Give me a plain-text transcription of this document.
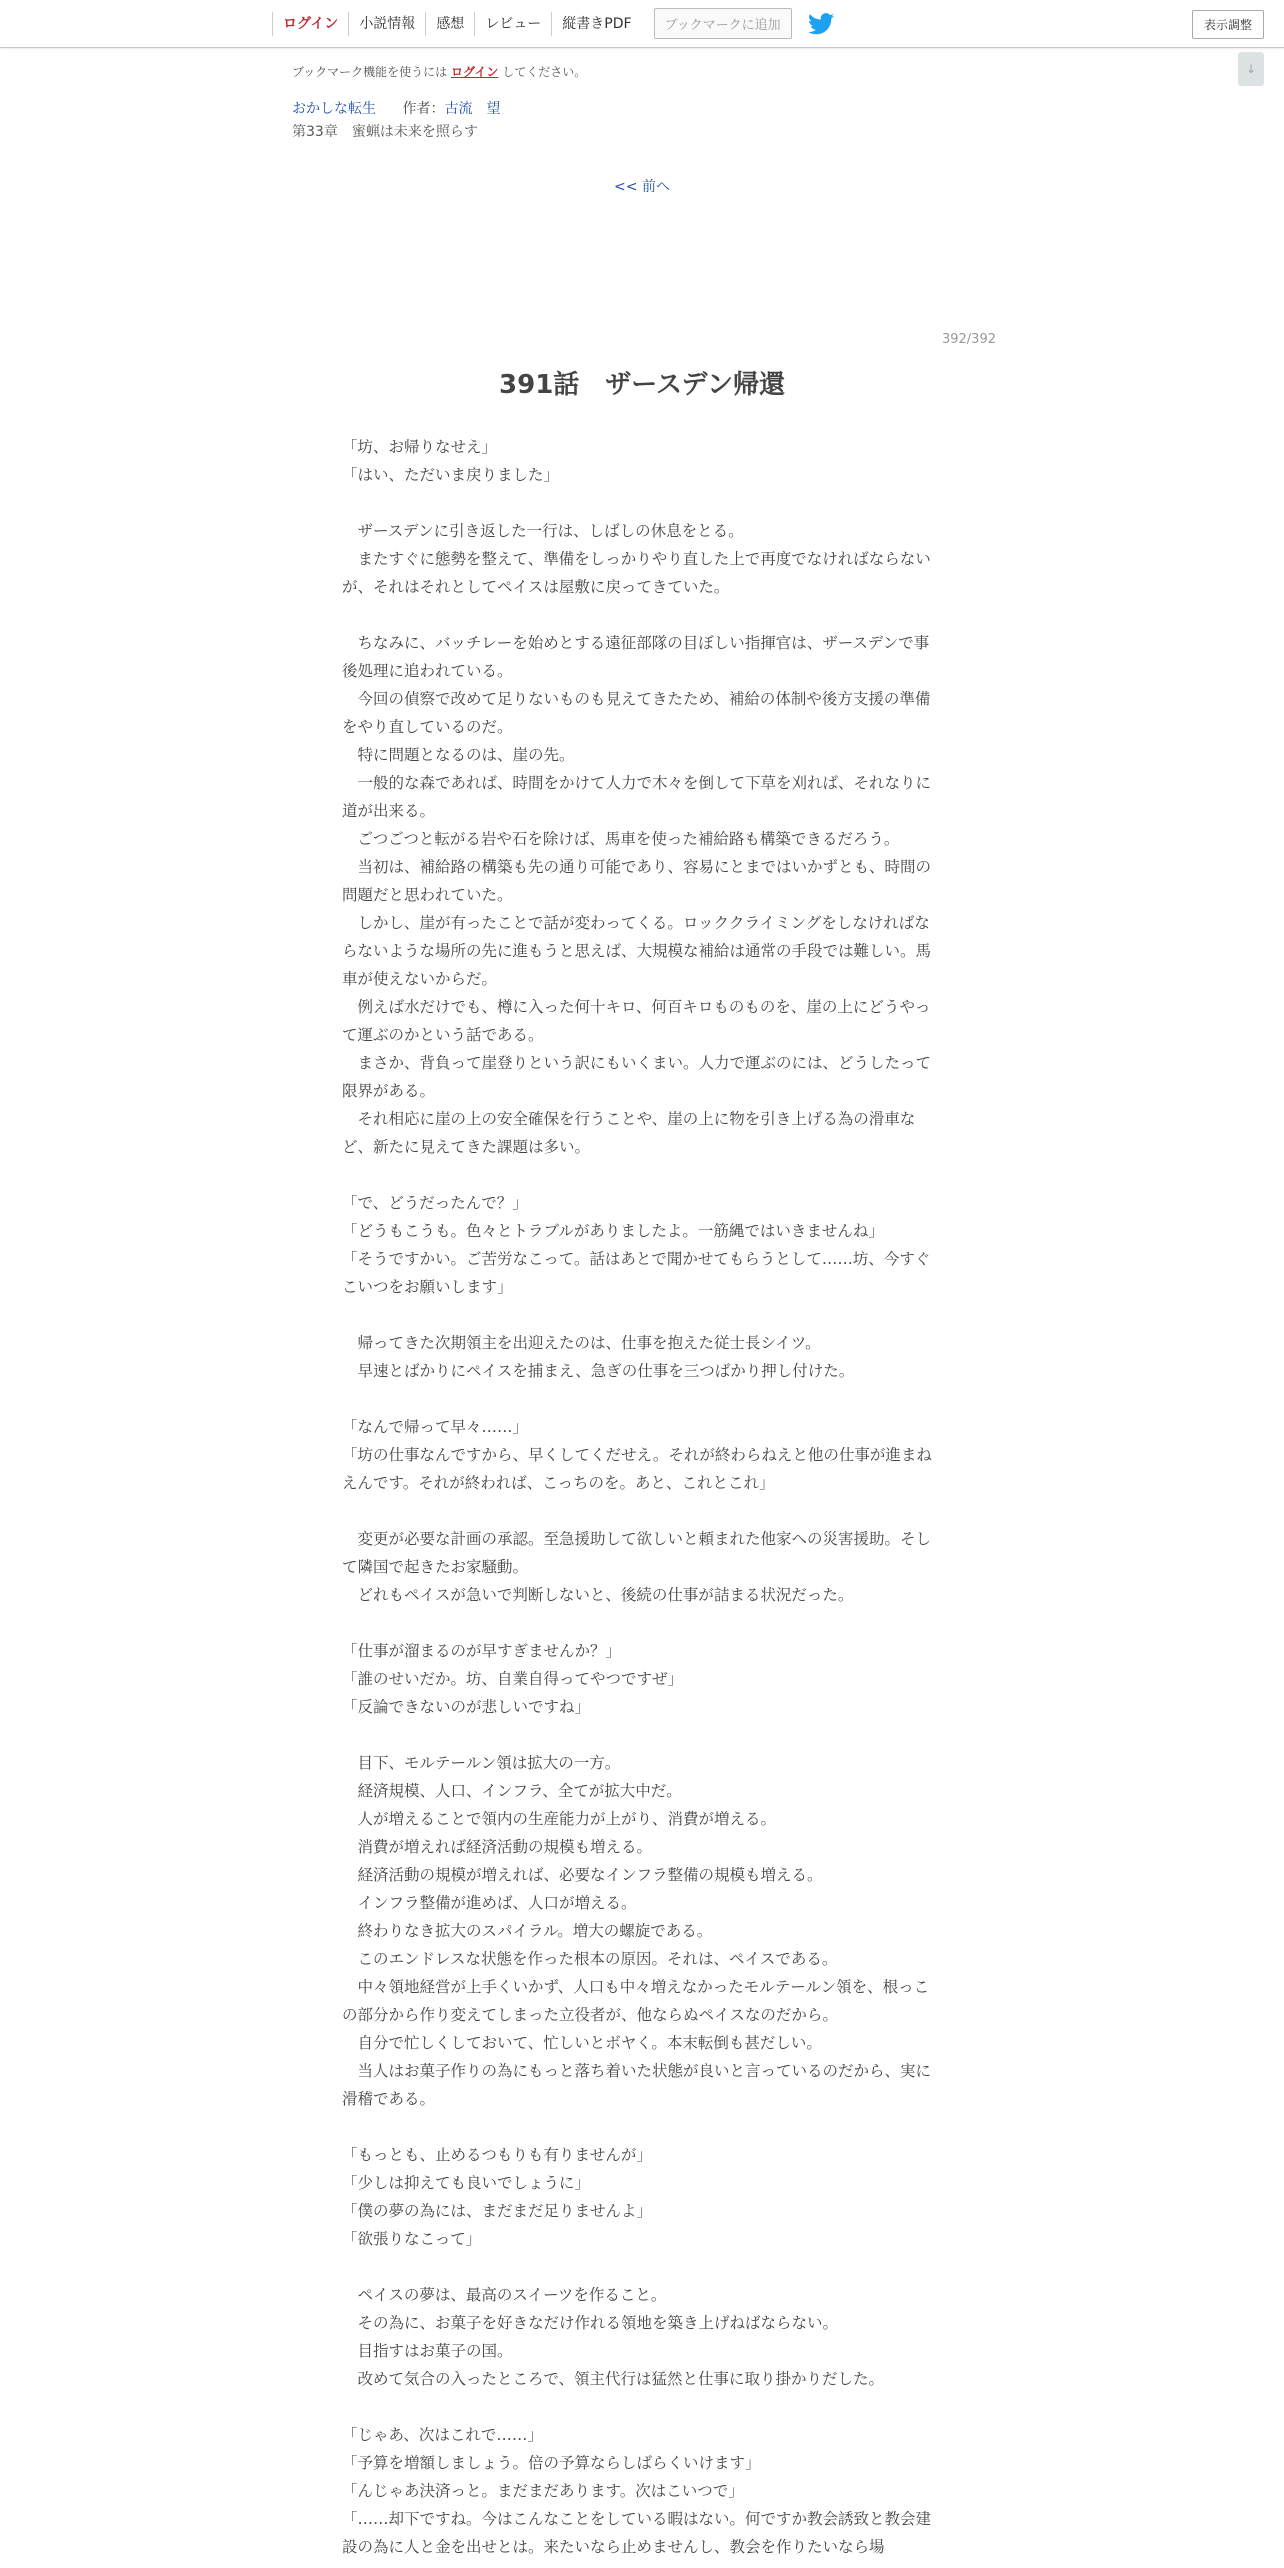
ログイン	小説情報	感想	レビュー	縦書きPDF	ブックマークに追加	表示調整
↓
ブックマーク機能を使うには ログイン してください。
おかしな転生 作者：古流　望
第33章　蜜蝋は未来を照らす
<< 前へ
392/392
391話　ザースデン帰還

「坊、お帰りなせえ」

「はい、ただいま戻りました」

ザースデンに引き返した一行は、しばしの休息をとる。

またすぐに態勢を整えて、準備をしっかりやり直した上で再度でなければならないが、それはそれとしてペイスは屋敷に戻ってきていた。

ちなみに、バッチレーを始めとする遠征部隊の目ぼしい指揮官は、ザースデンで事後処理に追われている。

今回の偵察で改めて足りないものも見えてきたため、補給の体制や後方支援の準備をやり直しているのだ。

特に問題となるのは、崖の先。

一般的な森であれば、時間をかけて人力で木々を倒して下草を刈れば、それなりに道が出来る。

ごつごつと転がる岩や石を除けば、馬車を使った補給路も構築できるだろう。

当初は、補給路の構築も先の通り可能であり、容易にとまではいかずとも、時間の問題だと思われていた。

しかし、崖が有ったことで話が変わってくる。ロッククライミングをしなければならないような場所の先に進もうと思えば、大規模な補給は通常の手段では難しい。馬車が使えないからだ。

例えば水だけでも、樽に入った何十キロ、何百キロものものを、崖の上にどうやって運ぶのかという話である。

まさか、背負って崖登りという訳にもいくまい。人力で運ぶのには、どうしたって限界がある。

それ相応に崖の上の安全確保を行うことや、崖の上に物を引き上げる為の滑車など、新たに見えてきた課題は多い。

「で、どうだったんで？」

「どうもこうも。色々とトラブルがありましたよ。一筋縄ではいきませんね」

「そうですかい。ご苦労なこって。話はあとで聞かせてもらうとして……坊、今すぐこいつをお願いします」

帰ってきた次期領主を出迎えたのは、仕事を抱えた従士長シイツ。

早速とばかりにペイスを捕まえ、急ぎの仕事を三つばかり押し付けた。

「なんで帰って早々……」

「坊の仕事なんですから、早くしてくだせえ。それが終わらねえと他の仕事が進まねえんです。それが終われば、こっちのを。あと、これとこれ」

変更が必要な計画の承認。至急援助して欲しいと頼まれた他家への災害援助。そして隣国で起きたお家騒動。

どれもペイスが急いで判断しないと、後続の仕事が詰まる状況だった。

「仕事が溜まるのが早すぎませんか？」

「誰のせいだか。坊、自業自得ってやつですぜ」

「反論できないのが悲しいですね」

目下、モルテールン領は拡大の一方。

経済規模、人口、インフラ、全てが拡大中だ。

人が増えることで領内の生産能力が上がり、消費が増える。

消費が増えれば経済活動の規模も増える。

経済活動の規模が増えれば、必要なインフラ整備の規模も増える。

インフラ整備が進めば、人口が増える。

終わりなき拡大のスパイラル。増大の螺旋である。

このエンドレスな状態を作った根本の原因。それは、ペイスである。

中々領地経営が上手くいかず、人口も中々増えなかったモルテールン領を、根っこの部分から作り変えてしまった立役者が、他ならぬペイスなのだから。

自分で忙しくしておいて、忙しいとボヤく。本末転倒も甚だしい。

当人はお菓子作りの為にもっと落ち着いた状態が良いと言っているのだから、実に滑稽である。

「もっとも、止めるつもりも有りませんが」

「少しは抑えても良いでしょうに」

「僕の夢の為には、まだまだ足りませんよ」

「欲張りなこって」

ペイスの夢は、最高のスイーツを作ること。

その為に、お菓子を好きなだけ作れる領地を築き上げねばならない。

目指すはお菓子の国。

改めて気合の入ったところで、領主代行は猛然と仕事に取り掛かりだした。

「じゃあ、次はこれで……」

「予算を増額しましょう。倍の予算ならしばらくいけます」

「んじゃあ決済っと。まだまだあります。次はこいつで」

「……却下ですね。今はこんなことをしている暇はない。何ですか教会誘致と教会建設の為に人と金を出せとは。来たいなら止めませんし、教会を作りたいなら場
